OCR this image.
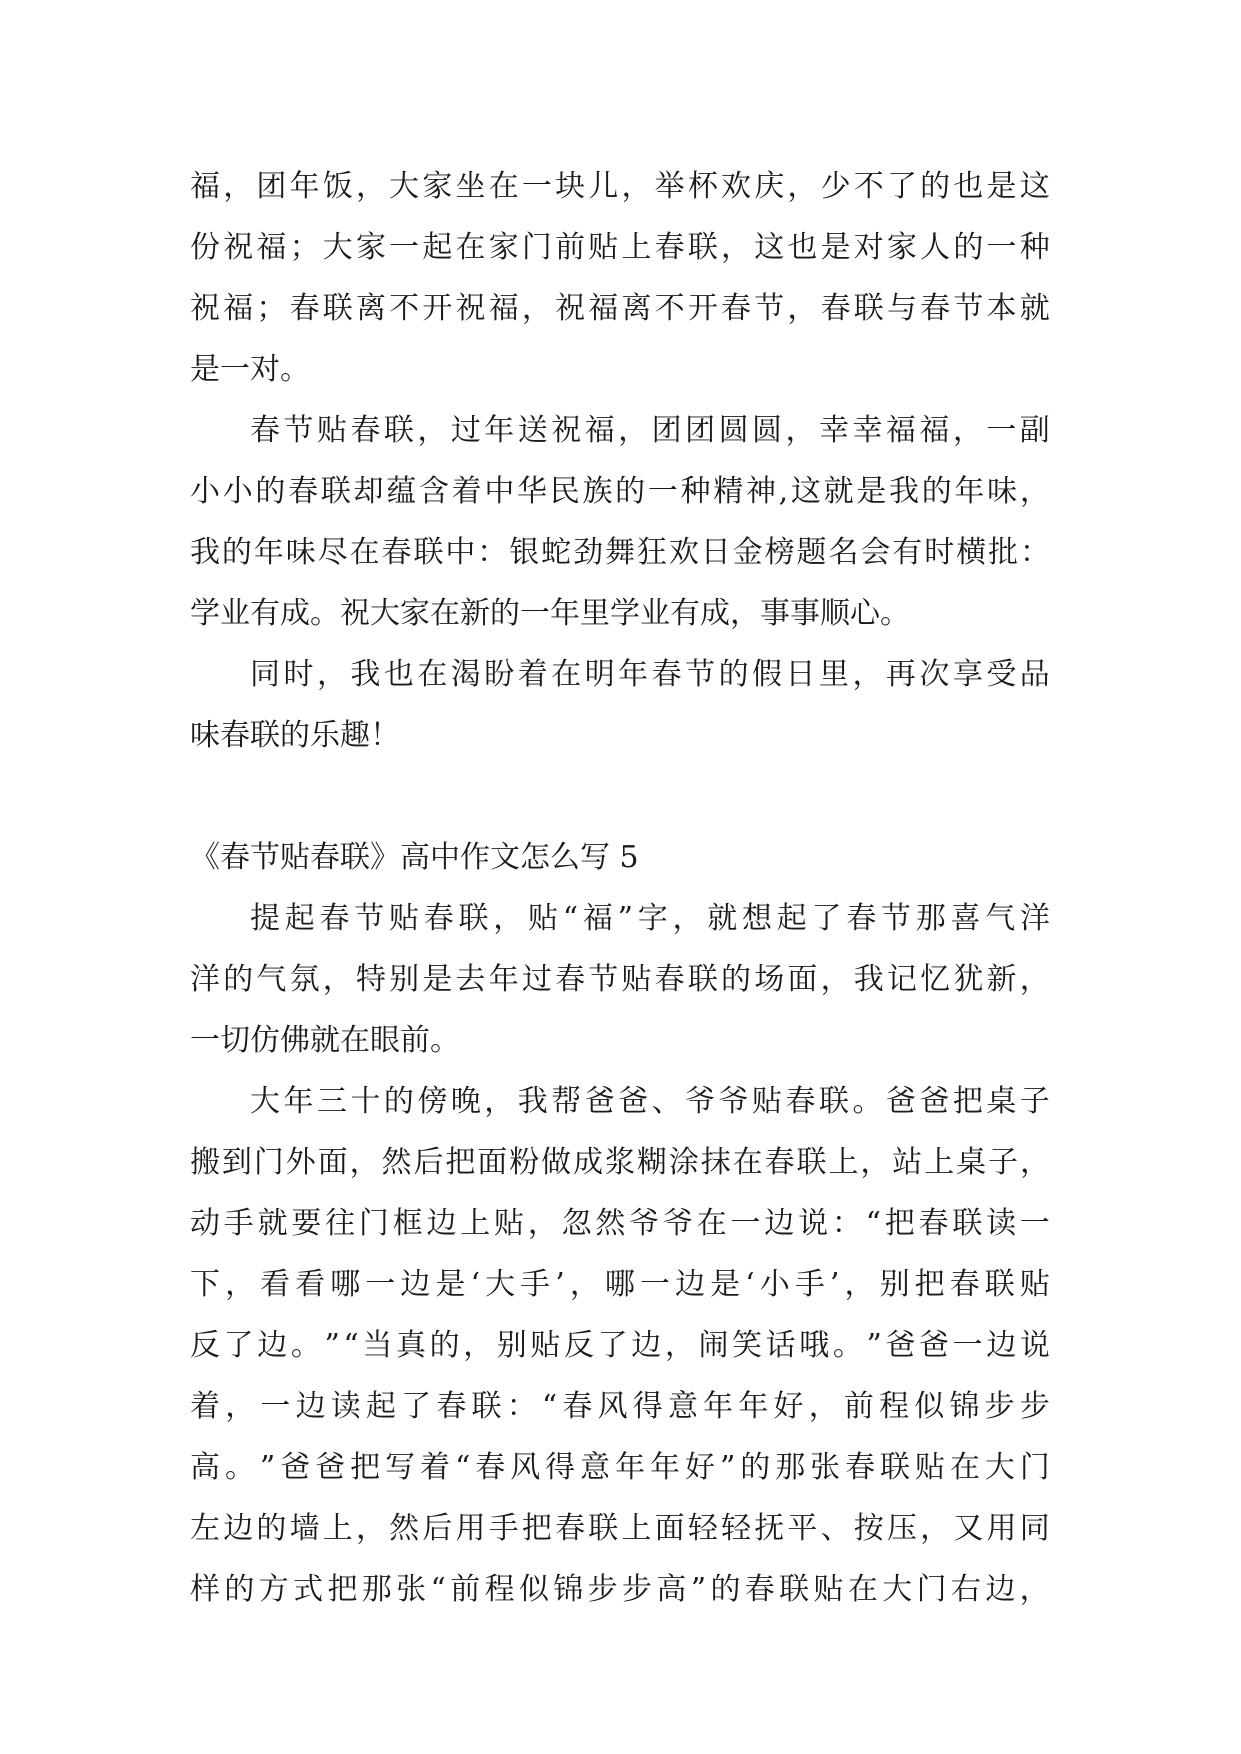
福 ， 团 年 饭 ， 大 家 坐 在 一 块 儿 ， 举 杯 欢 庆 ， 少 不 了 的 也 是 这
份 祝 福 ； 大 家 一 起 在 家 门 前 贴 上 春 联 ， 这 也 是 对 家 人 的 一 种
祝 福 ； 春 联 离 不 开 祝 福 ， 祝 福 离 不 开 春 节 ， 春 联 与 春 节 本 就
是一对。
春 节 贴 春 联 ， 过 年 送 祝 福 ， 团 团 圆 圆 ， 幸 幸 福 福 ， 一 副
小 小 的 春 联 却 蕴 含 着 中 华 民 族 的 一 种 精 神 , 这 就 是 我 的 年 味 ，
我 的 年 味 尽 在 春 联 中 ： 银 蛇 劲 舞 狂 欢 日 金 榜 题 名 会 有 时 横 批 ：
学业有成。祝大家在新的一年里学业有成，事事顺心。
同 时 ， 我 也 在 渴 盼 着 在 明 年 春 节 的 假 日 里 ， 再 次 享 受 品
味春联的乐趣！
《春节贴春联》高中作文怎么写 5
提 起 春 节 贴 春 联 ， 贴 “ 福 ” 字 ， 就 想 起 了 春 节 那 喜 气 洋
洋 的 气 氛 ， 特 别 是 去 年 过 春 节 贴 春 联 的 场 面 ， 我 记 忆 犹 新 ，
一切仿佛就在眼前。
大 年 三 十 的 傍 晚 ， 我 帮 爸 爸 、 爷 爷 贴 春 联 。 爸 爸 把 桌 子
搬 到 门 外 面 ， 然 后 把 面 粉 做 成 浆 糊 涂 抹 在 春 联 上 ， 站 上 桌 子 ，
动 手 就 要 往 门 框 边 上 贴 ， 忽 然 爷 爷 在 一 边 说 ： “ 把 春 联 读 一
下 ， 看 看 哪 一 边 是 ‘ 大 手 ’ ， 哪 一 边 是 ‘ 小 手 ’ ， 别 把 春 联 贴
反 了 边 。 ” “ 当 真 的 ， 别 贴 反 了 边 ， 闹 笑 话 哦 。 ” 爸 爸 一 边 说
着 ， 一 边 读 起 了 春 联 ： “ 春 风 得 意 年 年 好 ， 前 程 似 锦 步 步
高 。 ” 爸 爸 把 写 着 “ 春 风 得 意 年 年 好 ” 的 那 张 春 联 贴 在 大 门
左 边 的 墙 上 ， 然 后 用 手 把 春 联 上 面 轻 轻 抚 平 、 按 压 ， 又 用 同
样 的 方 式 把 那 张 “ 前 程 似 锦 步 步 高 ” 的 春 联 贴 在 大 门 右 边 ，
